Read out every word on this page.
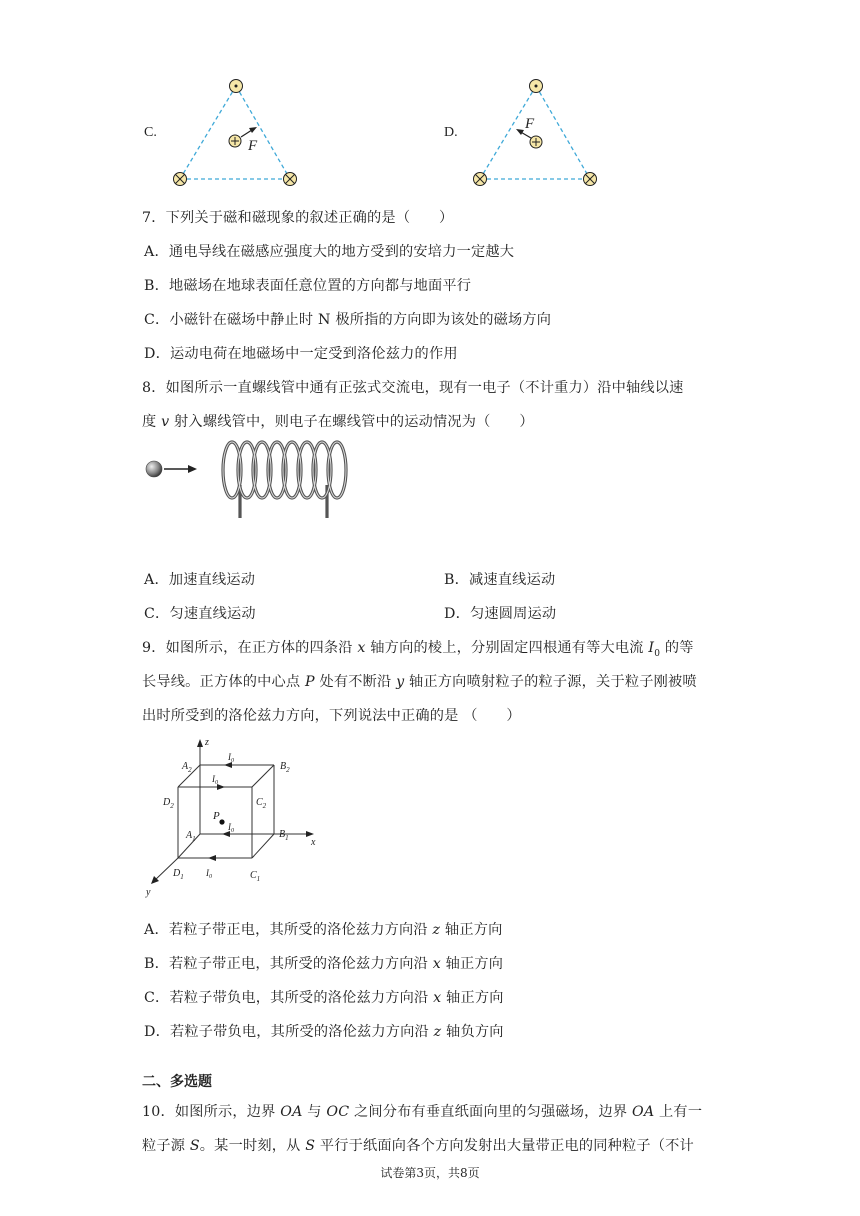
C.
F
D.
F
7．下列关于磁和磁现象的叙述正确的是（　　）
A．通电导线在磁感应强度大的地方受到的安培力一定越大
B．地磁场在地球表面任意位置的方向都与地面平行
C．小磁针在磁场中静止时 N 极所指的方向即为该处的磁场方向
D．运动电荷在地磁场中一定受到洛伦兹力的作用
8．如图所示一直螺线管中通有正弦式交流电，现有一电子（不计重力）沿中轴线以速
度 v 射入螺线管中，则电子在螺线管中的运动情况为（　　）
A．加速直线运动	B．减速直线运动
C．匀速直线运动	D．匀速圆周运动
9．如图所示，在正方体的四条沿 x 轴方向的棱上，分别固定四根通有等大电流 $I_0$ 的等
长导线。正方体的中心点 P 处有不断沿 y 轴正方向喷射粒子的粒子源，关于粒子刚被喷
出时所受到的洛伦兹力方向，下列说法中正确的是 （　　）
z
x
y
$A_2$	$B_2$
$D_2$	$C_2$
$A_1$	$B_1$
$D_1$	$C_1$
P
$I_0$
$I_0$
$I_0$
$I_0$
A．若粒子带正电，其所受的洛伦兹力方向沿 z 轴正方向
B．若粒子带正电，其所受的洛伦兹力方向沿 x 轴正方向
C．若粒子带负电，其所受的洛伦兹力方向沿 x 轴正方向
D．若粒子带负电，其所受的洛伦兹力方向沿 z 轴负方向
二、多选题
10．如图所示，边界 OA 与 OC 之间分布有垂直纸面向里的匀强磁场，边界 OA 上有一
粒子源 S。某一时刻，从 S 平行于纸面向各个方向发射出大量带正电的同种粒子（不计
试卷第3页，共8页
